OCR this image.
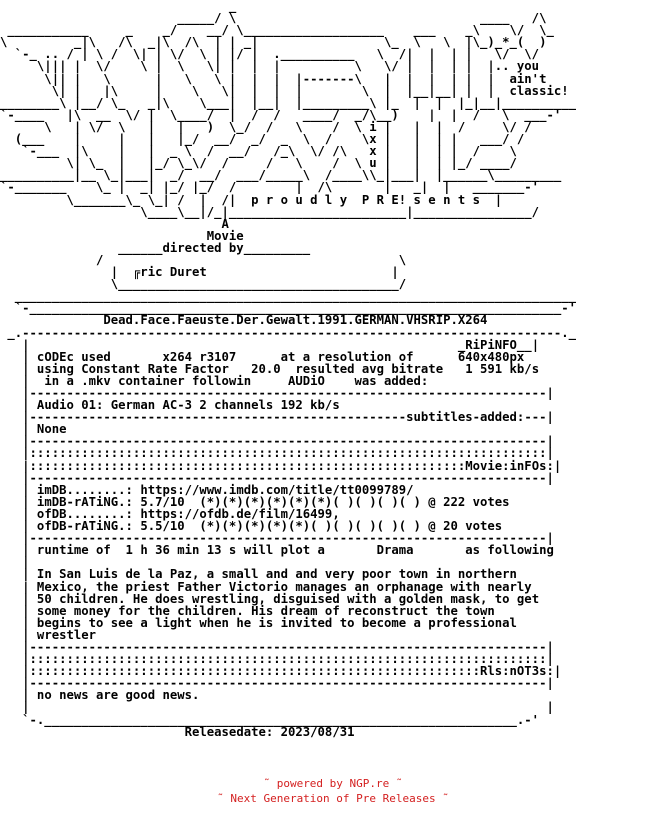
_
_____/ \                                 ____   /\
___________     _    _/    __/ \___________________    ___    _\    \/  \_
\         _|\   /\  _|\  /\  | | _|                 \_  \   \  |\_)_*_(  )
`-_ .. / | \ /  \| | \/  \ | |/ |  .__________   \  /|  |  | |   \/  \/
\||| |  \/    \ |  \   \| |  |  |          \   \/ |  |  | |  |.. you
\|| |   \      |   \   \ |  |  |  |-------\   |  |  |  | |  |  ain't
\| |   |\     |    \   \|  |  |  |        \  |  |__|__| |  |  classic!
________\ |__/ \_   _|\    \___|  |__|  |_________\ |_  |  |  |_|__|__________
`-____   |\  __  \/ |  \____/  |  /  /   ____/  _/\__)    |  |  /   \  ___-'
\   | \/  \   |   |   )  \_/  /   \    /  \ i |   |  |  /     \/ /
(___    |     |   |   |_/  __/  _/  _  \  /    \x |   |  | |   ___/ /
`-___  |\    |   |  _ \  /  __/   /_\  \/ /\   x |   |  | |  /    \
\| \_  |   |_/ \_\/  /     /   \    /  \ u |   |  | |_/ ____/
__________|__ \_|___|  _/  __/  ___/_____\  /____\\_|___|  |______\_________
`-_______    \_ |  _| |_/ |_/  /        |  /\       |   _|  |   _______-'
\_______\_ \_| /  |  /|  p r o u d l y  P R E! s e n t s  |
\____\__|/_|________________________|________________/
A
Movie
______directed by_________
/                                        \
|  ╔ric Duret                         |
\______________________________________/
____________________________________________________________________________
`-________________________________________________________________________-'
Dead.Face.Faeuste.Der.Gewalt.1991.GERMAN.VHSRIP.X264
_.-------------------------------------------------------------------------._
|                                                          _RiPiNFO__|
| cODEc used       x264 r3107      at a resolution of      640x480px
| using Constant Rate Factor   20.0  resulted avg bitrate   1 591 kb/s
|  in a .mkv container followin     AUDiO    was added:
|----------------------------------------------------------------------|
| Audio 01: German AC-3 2 channels 192 kb/s
|---------------------------------------------------subtitles-added:---|
| None
|----------------------------------------------------------------------|
|::::::::::::::::::::::::::::::::::::::::::::::::::::::::::::::::::::::|
|:::::::::::::::::::::::::::::::::::::::::::::::::::::::::::Movie:inFOs:|
|----------------------------------------------------------------------|
| imDB........: https://www.imdb.com/title/tt0099789/
| imDB-rATiNG.: 5.7/10  (*)(*)(*)(*)(*)(*)( )( )( )( ) @ 222 votes
| ofDB........: https://ofdb.de/film/16499,
| ofDB-rATiNG.: 5.5/10  (*)(*)(*)(*)(*)( )( )( )( )( ) @ 20 votes
|----------------------------------------------------------------------|
| runtime of  1 h 36 min 13 s will plot a       Drama       as following
|
| In San Luis de la Paz, a small and and very poor town in northern
| Mexico, the priest Father Victorio manages an orphanage with nearly
| 50 children. He does wrestling, disguised with a golden mask, to get
| some money for the children. His dream of reconstruct the town
| begins to see a light when he is invited to become a professional
| wrestler
|----------------------------------------------------------------------|
|::::::::::::::::::::::::::::::::::::::::::::::::::::::::::::::::::::::|
|:::::::::::::::::::::::::::::::::::::::::::::::::::::::::::::Rls:nOT3s:|
|----------------------------------------------------------------------|
| no news are good news.
|                                                                      |
`-.________________________________________________________________.-'
Releasedate: 2023/08/31
˜ powered by NGP.re ˜
˜ Next Generation of Pre Releases ˜
